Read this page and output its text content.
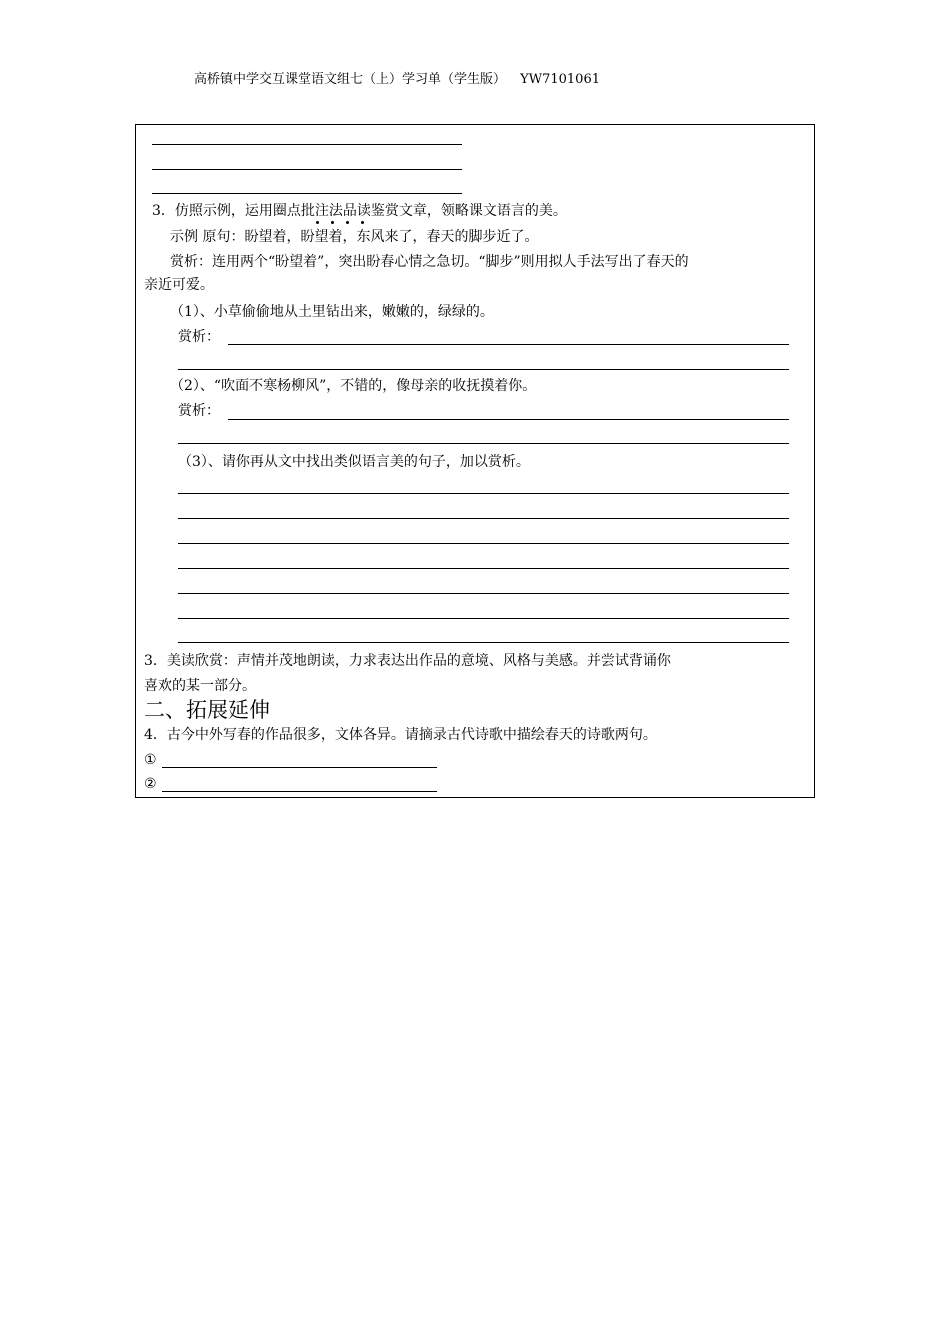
高桥镇中学交互课堂语文组七（上）学习单（学生版） YW7101061
3．仿照示例，运用圈点批注法品读鉴赏文章，领略课文语言的美。
示例 原句：盼望着，盼望着，东风来了，春天的脚步近了。
赏析：连用两个“盼望着”，突出盼春心情之急切。“脚步”则用拟人手法写出了春天的
亲近可爱。
（1）、小草偷偷地从土里钻出来，嫩嫩的，绿绿的。
赏析：
（2）、“吹面不寒杨柳风”，不错的，像母亲的收抚摸着你。
赏析：
（3）、请你再从文中找出类似语言美的句子，加以赏析。
3．美读欣赏：声情并茂地朗读，力求表达出作品的意境、风格与美感。并尝试背诵你
喜欢的某一部分。
二、拓展延伸
4．古今中外写春的作品很多，文体各异。请摘录古代诗歌中描绘春天的诗歌两句。
①
②
